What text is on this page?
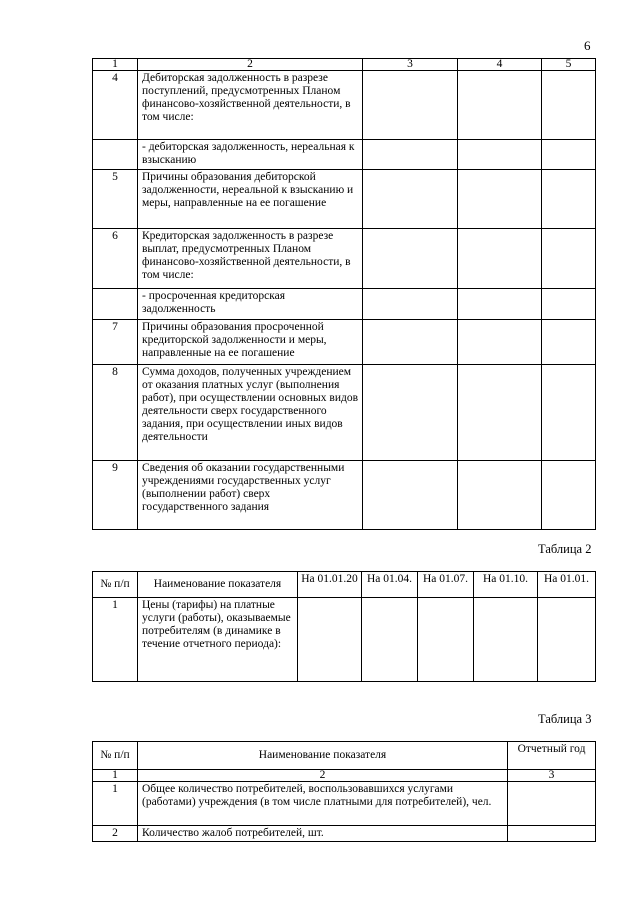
6
1	2	3	4	5
4	Дебиторская задолженность в разрезе поступлений, предусмотренных Планом финансово-хозяйственной деятельности, в том числе:			
	- дебиторская задолженность, нереальная к взысканию			
5	Причины образования дебиторской задолженности, нереальной к взысканию и меры, направленные на ее погашение			
6	Кредиторская задолженность в разрезе выплат, предусмотренных Планом финансово-хозяйственной деятельности, в том числе:			
	- просроченная кредиторская задолженность			
7	Причины образования просроченной кредиторской задолженности и меры, направленные на ее погашение			
8	Сумма доходов, полученных учреждением от оказания платных услуг (выполнения работ), при осуществлении основных видов деятельности сверх государственного задания, при осуществлении иных видов деятельности			
9	Сведения об оказании государственными учреждениями государственных услуг (выполнении работ) сверх государственного задания			
Таблица 2
№ п/п	Наименование показателя	На 01.01.20	На 01.04.	На 01.07.	На 01.10.	На 01.01.
1	Цены (тарифы) на платные услуги (работы), оказываемые потребителям (в динамике в течение отчетного периода):					
Таблица 3
№ п/п	Наименование показателя	Отчетный год
1	2	3
1	Общее количество потребителей, воспользовавшихся услугами (работами) учреждения (в том числе платными для потребителей), чел.	
2	Количество жалоб потребителей, шт.	
